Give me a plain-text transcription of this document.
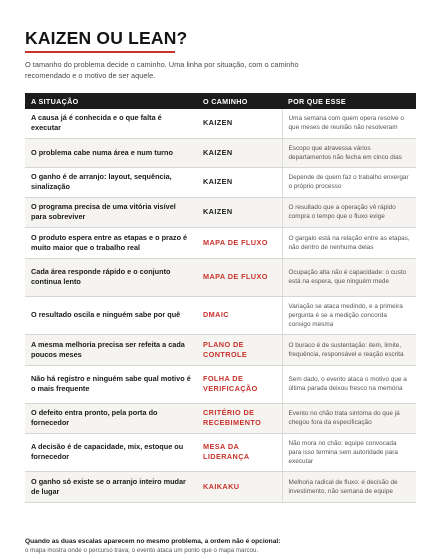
KAIZEN OU LEAN?

O tamanho do problema decide o caminho. Uma linha por situação, com o caminho recomendado e o motivo de ser aquele.

A SITUAÇÃO	O CAMINHO	POR QUE ESSE
A causa já é conhecida e o que falta é executar	KAIZEN	Uma semana com quem opera resolve o que meses de reunião não resolveram
O problema cabe numa área e num turno	KAIZEN	Escopo que atravessa vários departamentos não fecha em cinco dias
O ganho é de arranjo: layout, sequência, sinalização	KAIZEN	Depende de quem faz o trabalho enxergar o próprio processo
O programa precisa de uma vitória visível para sobreviver	KAIZEN	O resultado que a operação vê rápido compra o tempo que o fluxo exige
O produto espera entre as etapas e o prazo é muito maior que o trabalho real	MAPA DE FLUXO	O gargalo está na relação entre as etapas, não dentro de nenhuma delas
Cada área responde rápido e o conjunto continua lento	MAPA DE FLUXO	Ocupação alta não é capacidade: o custo está na espera, que ninguém mede
O resultado oscila e ninguém sabe por quê	DMAIC	Variação se ataca medindo, e a primeira pergunta é se a medição concorda consigo mesma
A mesma melhoria precisa ser refeita a cada poucos meses	PLANO DE CONTROLE	O buraco é de sustentação: item, limite, frequência, responsável e reação escrita
Não há registro e ninguém sabe qual motivo é o mais frequente	FOLHA DE VERIFICAÇÃO	Sem dado, o evento ataca o motivo que a última parada deixou fresco na memória
O defeito entra pronto, pela porta do fornecedor	CRITÉRIO DE RECEBIMENTO	Evento no chão trata sintoma do que já chegou fora da especificação
A decisão é de capacidade, mix, estoque ou fornecedor	MESA DA LIDERANÇA	Não mora no chão: equipe convocada para isso termina sem autoridade para executar
O ganho só existe se o arranjo inteiro mudar de lugar	KAIKAKU	Melhoria radical de fluxo: é decisão de investimento, não semana de equipe

Quando as duas escalas aparecem no mesmo problema, a ordem não é opcional:

o mapa mostra onde o percurso trava; o evento ataca um ponto que o mapa marcou.
